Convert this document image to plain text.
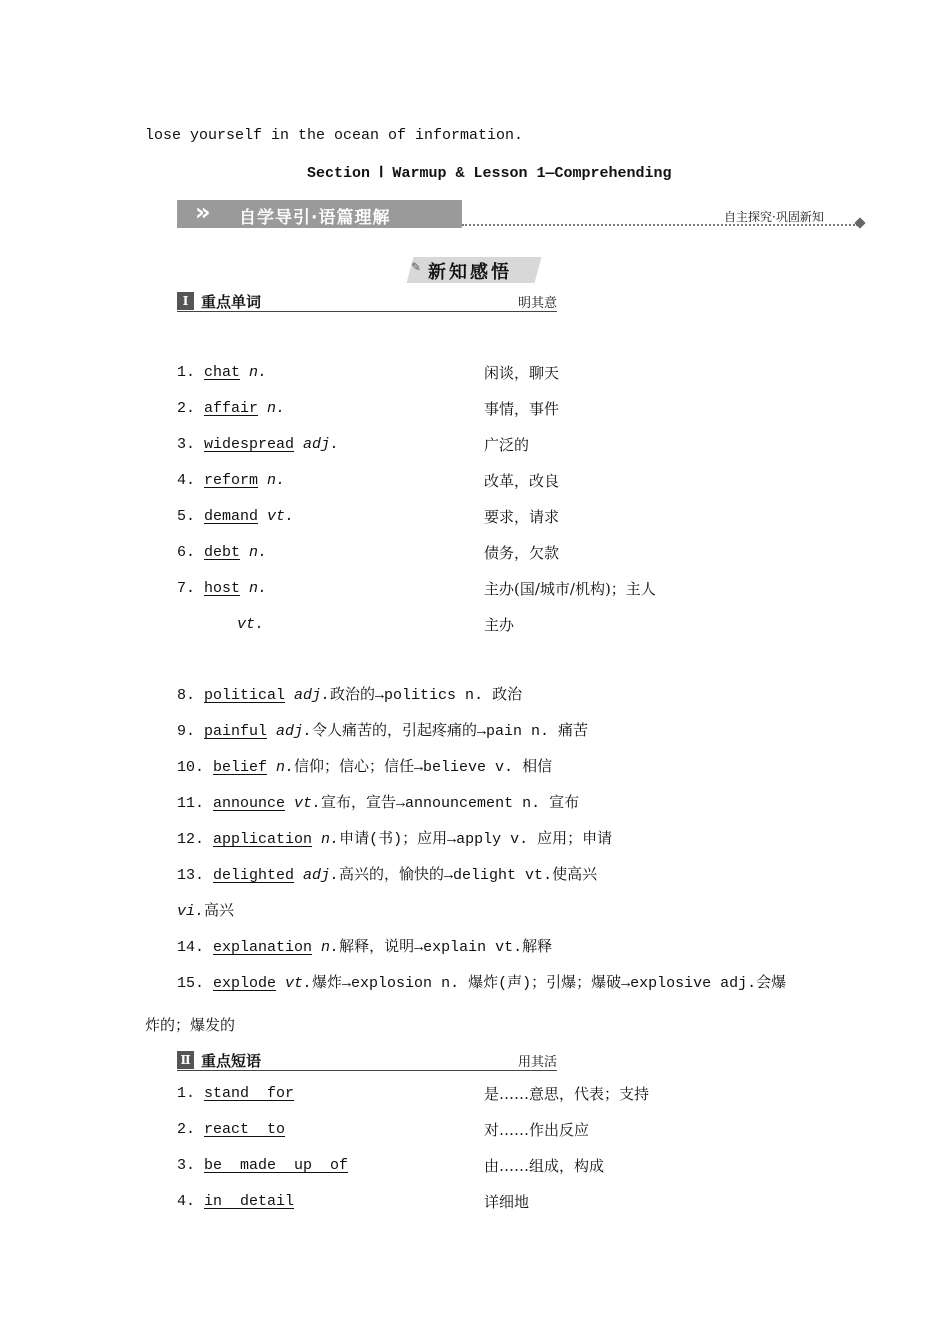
lose yourself in the ocean of information.
Section Ⅰ Warmup & Lesson 1—Comprehending
» 自学导引·语篇理解	自主探究·巩固新知
✎ 新知感悟
Ⅰ 重点单词	明其意
1. chat n.	闲谈，聊天
2. affair n.	事情，事件
3. widespread adj.	广泛的
4. reform n.	改革，改良
5. demand vt.	要求，请求
6. debt n.	债务，欠款
7. host n.	主办(国/城市/机构)；主人
vt.	主办
8. political adj.政治的→politics n. 政治
9. painful adj.令人痛苦的，引起疼痛的→pain n. 痛苦
10. belief n.信仰；信心；信任→believe v. 相信
11. announce vt.宣布，宣告→announcement n. 宣布
12. application n.申请(书)；应用→apply v. 应用；申请
13. delighted adj.高兴的，愉快的→delight vt.使高兴
vi.高兴
14. explanation n.解释，说明→explain vt.解释
15. explode vt.爆炸→explosion n. 爆炸(声)；引爆；爆破→explosive adj.会爆
炸的；爆发的
Ⅱ 重点短语	用其活
1. stand  for	是……意思，代表；支持
2. react  to	对……作出反应
3. be  made  up  of	由……组成，构成
4. in  detail	详细地
